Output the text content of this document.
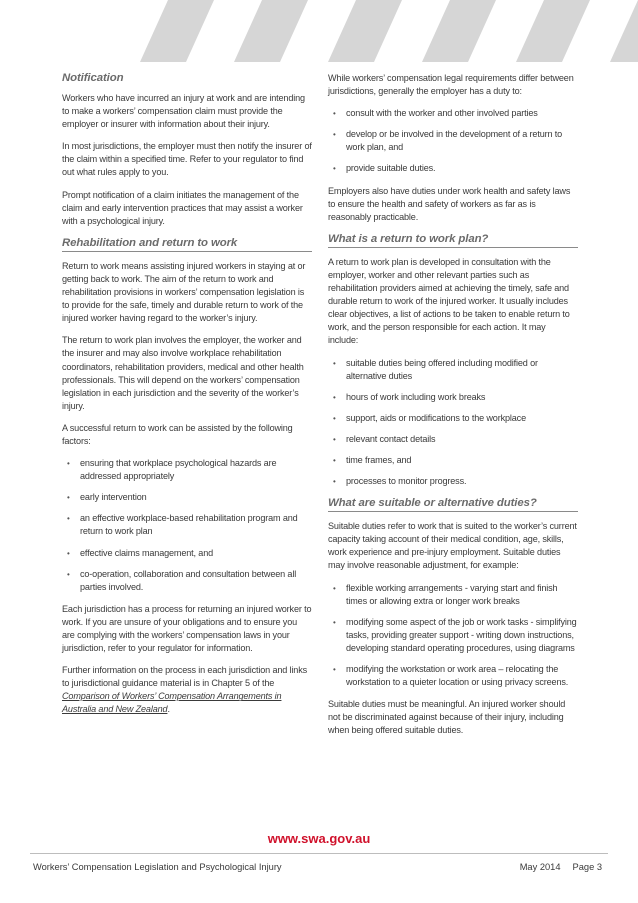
Notification

Workers who have incurred an injury at work and are intending to make a workers’ compensation claim must provide the employer or insurer with information about their injury.

In most jurisdictions, the employer must then notify the insurer of the claim within a specified time. Refer to your regulator to find out what rules apply to you.

Prompt notification of a claim initiates the management of the claim and early intervention practices that may assist a worker with a psychological injury.

Rehabilitation and return to work

Return to work means assisting injured workers in staying at or getting back to work. The aim of the return to work and rehabilitation provisions in workers’ compensation legislation is to provide for the safe, timely and durable return to work of the injured worker having regard to the worker’s injury.

The return to work plan involves the employer, the worker and the insurer and may also involve workplace rehabilitation coordinators, rehabilitation providers, medical and other health professionals. This will depend on the workers’ compensation legislation in each jurisdiction and the severity of the worker’s injury.

A successful return to work can be assisted by the following factors:

• ensuring that workplace psychological hazards are addressed appropriately
• early intervention
• an effective workplace-based rehabilitation program and return to work plan
• effective claims management, and
• co-operation, collaboration and consultation between all parties involved.

Each jurisdiction has a process for returning an injured worker to work. If you are unsure of your obligations and to ensure you are complying with the workers’ compensation laws in your jurisdiction, refer to your regulator for information.

Further information on the process in each jurisdiction and links to jurisdictional guidance material is in Chapter 5 of the Comparison of Workers’ Compensation Arrangements in Australia and New Zealand.

While workers’ compensation legal requirements differ between jurisdictions, generally the employer has a duty to:

• consult with the worker and other involved parties
• develop or be involved in the development of a return to work plan, and
• provide suitable duties.

Employers also have duties under work health and safety laws to ensure the health and safety of workers as far as is reasonably practicable.

What is a return to work plan?

A return to work plan is developed in consultation with the employer, worker and other relevant parties such as rehabilitation providers aimed at achieving the timely, safe and durable return to work of the injured worker. It usually includes clear objectives, a list of actions to be taken to enable return to work, and the person responsible for each action. It may include:

• suitable duties being offered including modified or alternative duties
• hours of work including work breaks
• support, aids or modifications to the workplace
• relevant contact details
• time frames, and
• processes to monitor progress.
What are suitable or alternative duties?

Suitable duties refer to work that is suited to the worker’s current capacity taking account of their medical condition, age, skills, work experience and pre-injury employment. Suitable duties may involve reasonable adjustment, for example:

• flexible working arrangements - varying start and finish times or allowing extra or longer work breaks
• modifying some aspect of the job or work tasks - simplifying tasks, providing greater support - writing down instructions, developing standard operating procedures, using diagrams
• modifying the workstation or work area – relocating the workstation to a quieter location or using privacy screens.

Suitable duties must be meaningful. An injured worker should not be discriminated against because of their injury, including when being offered suitable duties.

www.swa.gov.au
Workers’ Compensation Legislation and Psychological Injury	May 2014 Page 3
